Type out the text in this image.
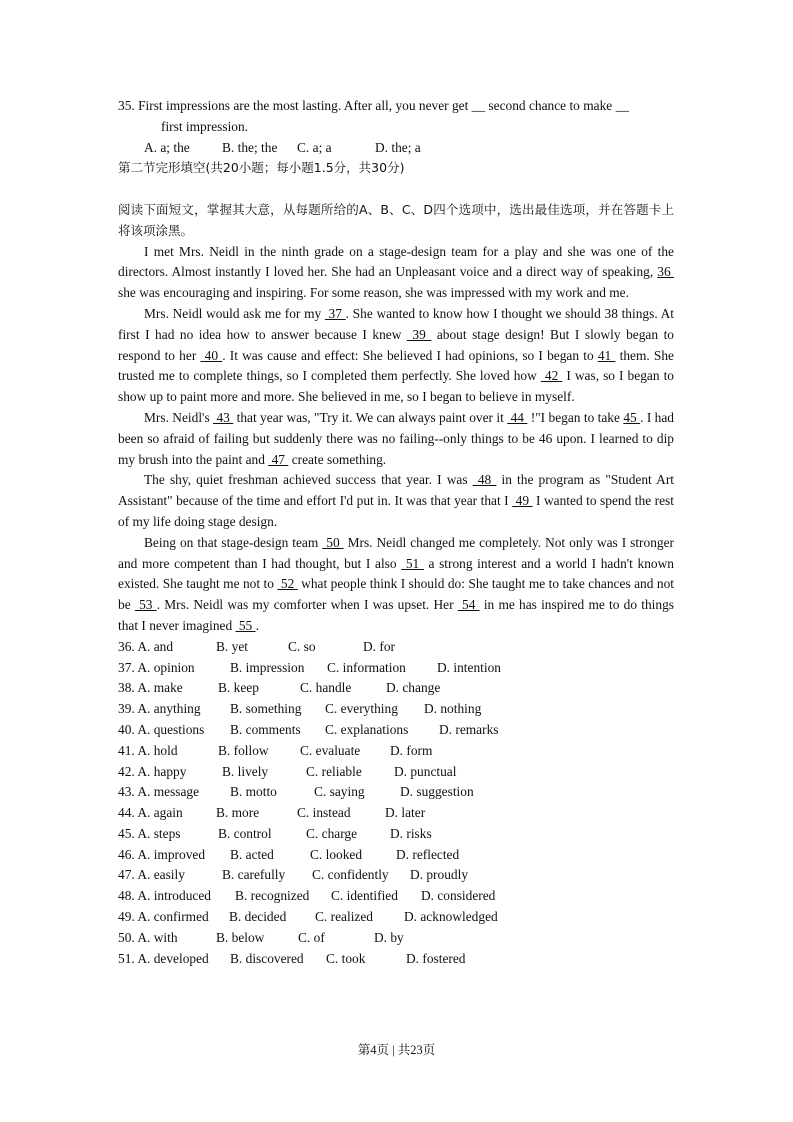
35. First impressions are the most lasting. After all, you never get __ second chance to make __
first impression.
A. a; the B. the; the C. a; a	D. the; a
第二节完形填空(共20小题；每小题1.5分，共30分)

阅读下面短文，掌握其大意，从每题所给的A、B、C、D四个选项中，选出最佳选项，并在答题卡上将该项涂黑。

I met Mrs. Neidl in the ninth grade on a stage-design team for a play and she was one of the directors. Almost instantly I loved her. She had an Unpleasant voice and a direct way of speaking, 36  she was encouraging and inspiring. For some reason, she was impressed with my work and me.

Mrs. Neidl would ask me for my  37 . She wanted to know how I thought we should 38 things. At first I had no idea how to answer because I knew  39  about stage design! But I slowly began to respond to her  40 . It was cause and effect: She believed I had opinions, so I began to 41  them. She trusted me to complete things, so I completed them perfectly. She loved how  42  I was, so I began to show up to paint more and more. She believed in me, so I began to believe in myself.

Mrs. Neidl's  43  that year was, "Try it. We can always paint over it  44  !"I began to take 45 . I had been so afraid of failing but suddenly there was no failing--only things to be 46 upon. I learned to dip my brush into the paint and  47  create something.

The shy, quiet freshman achieved success that year. I was  48  in the program as "Student Art Assistant" because of the time and effort I'd put in. It was that year that I  49  I wanted to spend the rest of my life doing stage design.

Being on that stage-design team  50  Mrs. Neidl changed me completely. Not only was I stronger and more competent than I had thought, but I also  51  a strong interest and a world I hadn't known existed. She taught me not to  52  what people think I should do: She taught me to take chances and not be  53 . Mrs. Neidl was my comforter when I was upset. Her  54  in me has inspired me to do things that I never imagined  55 .

36. A. and	B. yet	C. so	D. for
37. A. opinion	B. impression C. information D. intention
38. A. make	B. keep	C. handle	D. change
39. A. anything B. something C. everything D. nothing
40. A. questions B. comments C. explanations D. remarks
41. A. hold	B. follow C. evaluate D. form
42. A. happy	B. lively	C. reliable D. punctual
43. A. message B. motto	C. saying	D. suggestion
44. A. again B. more	C. instead	D. later
45. A. steps	B. control	C. charge D. risks
46. A. improved B. acted	C. looked	D. reflected
47. A. easily	B. carefully C. confidently D. proudly
48. A. introduced B. recognized C. identified D. considered
49. A. confirmed B. decided C. realized D. acknowledged
50. A. with	B. below	C. of	D. by
51. A. developed B. discovered C. took	D. fostered
第4页 | 共23页
